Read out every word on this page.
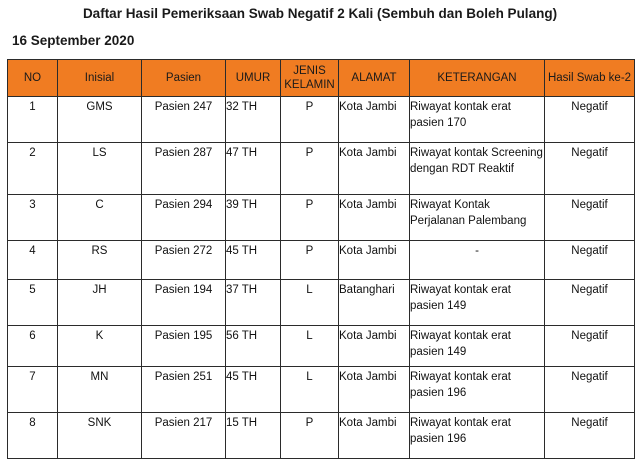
Daftar Hasil Pemeriksaan Swab Negatif 2 Kali (Sembuh dan Boleh Pulang)
16 September 2020
NO	Inisial	Pasien	UMUR	JENIS KELAMIN	ALAMAT	KETERANGAN	Hasil Swab ke-2
1	GMS	Pasien 247	32 TH	P	Kota Jambi	Riwayat kontak erat pasien 170	Negatif
2	LS	Pasien 287	47 TH	P	Kota Jambi	Riwayat kontak Screening dengan RDT Reaktif	Negatif
3	C	Pasien 294	39 TH	P	Kota Jambi	Riwayat Kontak Perjalanan Palembang	Negatif
4	RS	Pasien 272	45 TH	P	Kota Jambi	-	Negatif
5	JH	Pasien 194	37 TH	L	Batanghari	Riwayat kontak erat pasien 149	Negatif
6	K	Pasien 195	56 TH	L	Kota Jambi	Riwayat kontak erat pasien 149	Negatif
7	MN	Pasien 251	45 TH	L	Kota Jambi	Riwayat kontak erat pasien 196	Negatif
8	SNK	Pasien 217	15 TH	P	Kota Jambi	Riwayat kontak erat pasien 196	Negatif
